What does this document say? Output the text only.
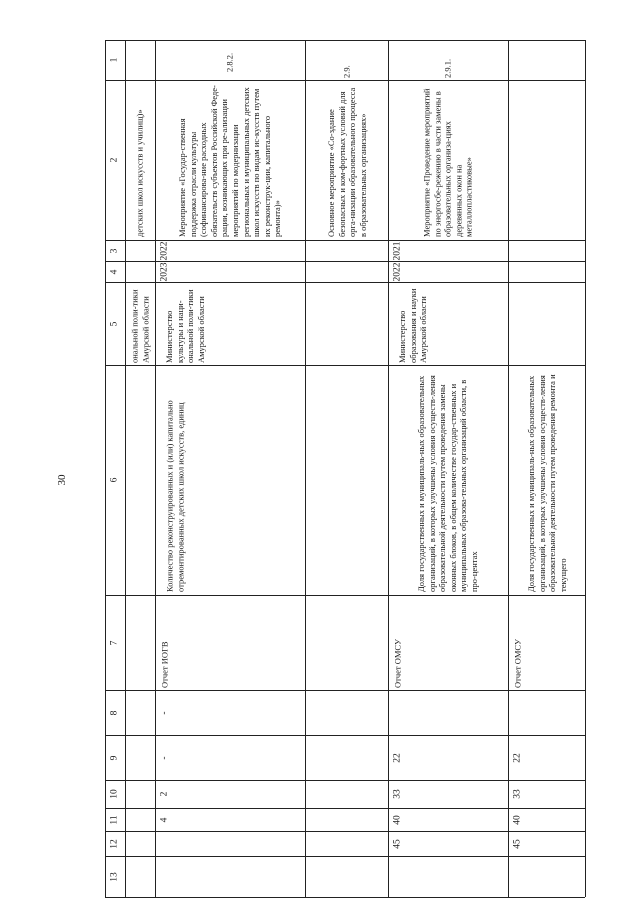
30
1
2
3
4
5
6
7
8
9
10
11
12
13
детских школ искусств и училищ)»
ональной поли-тики Амурской области
2.8.2.
Мероприятие «Государ-ственная поддержка отрасли культуры (софинансирова-ние расходных обязательств субъектов Российской Феде-рации, возникающих при ре-ализации мероприятий по модернизации региональных и муниципальных детских школ искусств по видам ис-кусств путем их реконструк-ции, капитального ремонта)»
2022
2023
Министерство культуры и наци-ональной поли-тики Амурской области
Количество реконструированных и (или) капитально отремонтированных детских школ искусств, единиц
Отчет ИОГВ
-
-
2
4
2.9.
Основное мероприятие «Со-здание безопасных и ком-фортных условий для орга-низации образовательного процесса в образовательных организациях»
2.9.1.
Мероприятие «Проведение мероприятий по энергосбе-режению в части замены в образовательных организа-циях деревянных окон на металлопластиковые»
2021
2022
Министерство образования и науки Амурской области
Доля государственных и муниципаль-ных образовательных организаций, в которых улучшены условия осуществ-ления образовательной деятельности путем проведения замены оконных блоков, в общем количестве государ-ственных и муниципальных образова-тельных организаций области, в про-центах
Отчет ОМСУ
22
33
40
45
Доля государственных и муниципаль-ных образовательных организаций, в которых улучшены условия осуществ-ления образовательной деятельности путем проведения ремонта и текущего
Отчет ОМСУ
22
33
40
45
